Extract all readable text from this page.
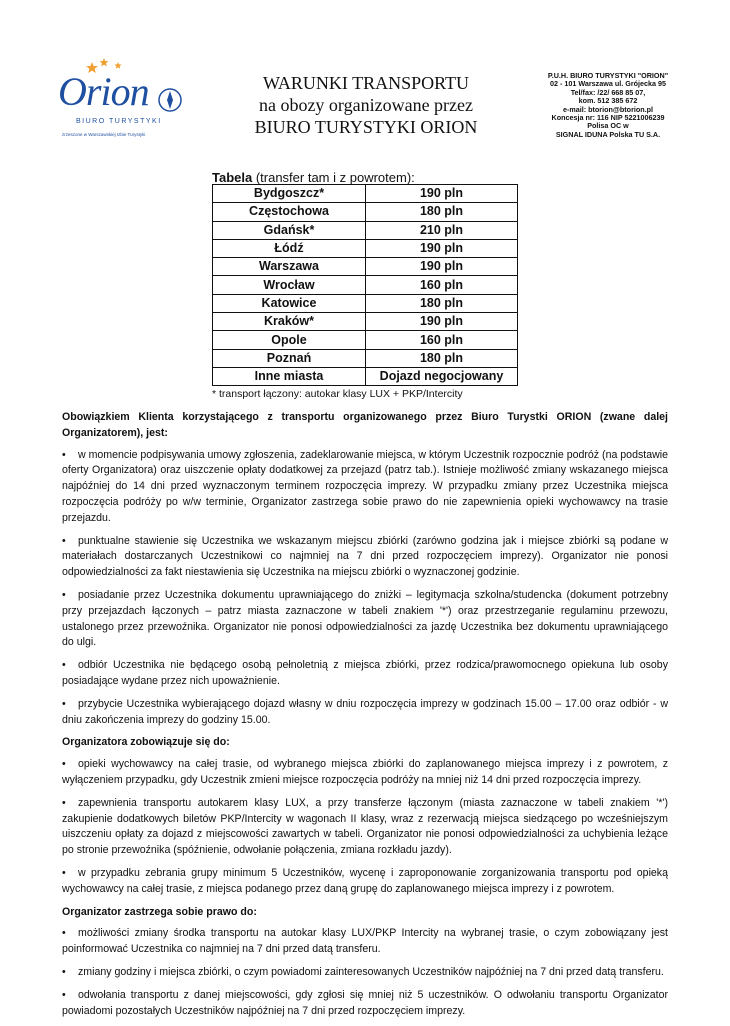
Orion
BIURO TURYSTYKI
zrzeszone w Warszawskiej Izbie Turystyki
WARUNKI TRANSPORTU
na obozy organizowane przez
BIURO TURYSTYKI ORION
P.U.H. BIURO TURYSTYKI "ORION"
02 - 101 Warszawa ul. Grójecka 95
Tel/fax: /22/ 668 85 07,
kom. 512 385 672
e-mail: btorion@btorion.pl
Koncesja nr: 116 NIP 5221006239
Polisa OC w
SIGNAL IDUNA Polska TU S.A.
Tabela (transfer tam i z powrotem):
Bydgoszcz*	190 pln
Częstochowa	180 pln
Gdańsk*	210 pln
Łódź	190 pln
Warszawa	190 pln
Wrocław	160 pln
Katowice	180 pln
Kraków*	190 pln
Opole	160 pln
Poznań	180 pln
Inne miasta	Dojazd negocjowany
* transport łączony: autokar klasy LUX + PKP/Intercity

Obowiązkiem Klienta korzystającego z transportu organizowanego przez Biuro Turystki ORION (zwane dalej Organizatorem), jest:

• w momencie podpisywania umowy zgłoszenia, zadeklarowanie miejsca, w którym Uczestnik rozpocznie podróż (na podstawie oferty Organizatora) oraz uiszczenie opłaty dodatkowej za przejazd (patrz tab.). Istnieje możliwość zmiany wskazanego miejsca najpóźniej do 14 dni przed wyznaczonym terminem rozpoczęcia imprezy. W przypadku zmiany przez Uczestnika miejsca rozpoczęcia podróży po w/w terminie, Organizator zastrzega sobie prawo do nie zapewnienia opieki wychowawcy na trasie przejazdu.

• punktualne stawienie się Uczestnika we wskazanym miejscu zbiórki (zarówno godzina jak i miejsce zbiórki są podane w materiałach dostarczanych Uczestnikowi co najmniej na 7 dni przed rozpoczęciem imprezy). Organizator nie ponosi odpowiedzialności za fakt niestawienia się Uczestnika na miejscu zbiórki o wyznaczonej godzinie.

• posiadanie przez Uczestnika dokumentu uprawniającego do zniżki – legitymacja szkolna/studencka (dokument potrzebny przy przejazdach łączonych – patrz miasta zaznaczone w tabeli znakiem '*') oraz przestrzeganie regulaminu przewozu, ustalonego przez przewoźnika. Organizator nie ponosi odpowiedzialności za jazdę Uczestnika bez dokumentu uprawniającego do ulgi.

• odbiór Uczestnika nie będącego osobą pełnoletnią z miejsca zbiórki, przez rodzica/prawomocnego opiekuna lub osoby posiadające wydane przez nich upoważnienie.

• przybycie Uczestnika wybierającego dojazd własny w dniu rozpoczęcia imprezy w godzinach 15.00 – 17.00 oraz odbiór - w dniu zakończenia imprezy do godziny 15.00.

Organizatora zobowiązuje się do:

• opieki wychowawcy na całej trasie, od wybranego miejsca zbiórki do zaplanowanego miejsca imprezy i z powrotem, z wyłączeniem przypadku, gdy Uczestnik zmieni miejsce rozpoczęcia podróży na mniej niż 14 dni przed rozpoczęcia imprezy.

• zapewnienia transportu autokarem klasy LUX, a przy transferze łączonym (miasta zaznaczone w tabeli znakiem '*') zakupienie dodatkowych biletów PKP/Intercity w wagonach II klasy, wraz z rezerwacją miejsca siedzącego po wcześniejszym uiszczeniu opłaty za dojazd z miejscowości zawartych w tabeli. Organizator nie ponosi odpowiedzialności za uchybienia leżące po stronie przewoźnika (spóźnienie, odwołanie połączenia, zmiana rozkładu jazdy).

• w przypadku zebrania grupy minimum 5 Uczestników, wycenę i zaproponowanie zorganizowania transportu pod opieką wychowawcy na całej trasie, z miejsca podanego przez daną grupę do zaplanowanego miejsca imprezy i z powrotem.

Organizator zastrzega sobie prawo do:

• możliwości zmiany środka transportu na autokar klasy LUX/PKP Intercity na wybranej trasie, o czym zobowiązany jest poinformować Uczestnika co najmniej na 7 dni przed datą transferu.

• zmiany godziny i miejsca zbiórki, o czym powiadomi zainteresowanych Uczestników najpóźniej na 7 dni przed datą transferu.

• odwołania transportu z danej miejscowości, gdy zgłosi się mniej niż 5 uczestników. O odwołaniu transportu Organizator powiadomi pozostałych Uczestników najpóźniej na 7 dni przed rozpoczęciem imprezy.
